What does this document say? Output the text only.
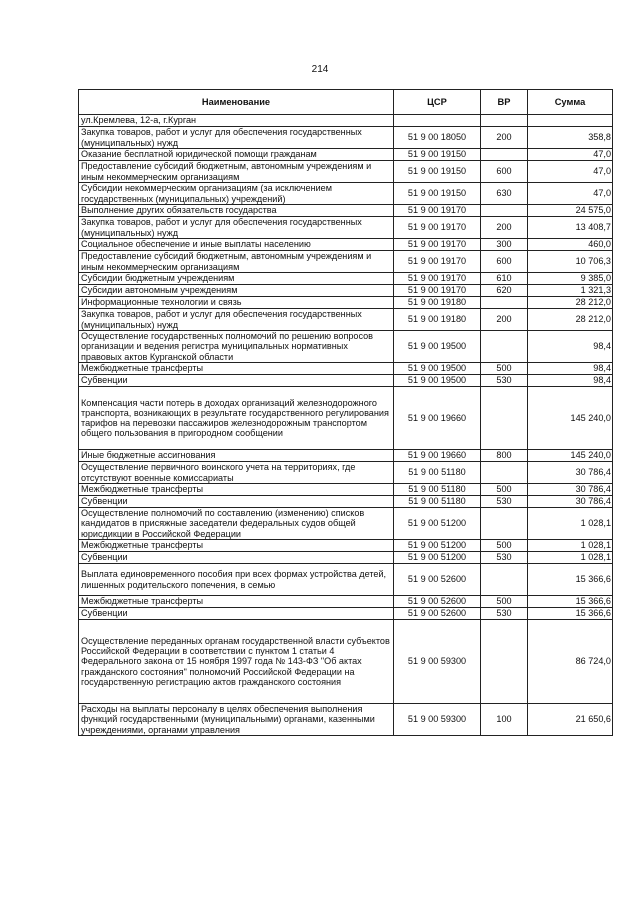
214
Наименование	ЦСР	ВР	Сумма
ул.Кремлева, 12-а, г.Курган			
Закупка товаров, работ и услуг для обеспечения государственных (муниципальных) нужд	51 9 00 18050	200	358,8
Оказание бесплатной юридической помощи гражданам	51 9 00 19150		47,0
Предоставление субсидий бюджетным, автономным учреждениям и иным некоммерческим организациям	51 9 00 19150	600	47,0
Субсидии некоммерческим организациям (за исключением государственных (муниципальных) учреждений)	51 9 00 19150	630	47,0
Выполнение других обязательств государства	51 9 00 19170		24 575,0
Закупка товаров, работ и услуг для обеспечения государственных (муниципальных) нужд	51 9 00 19170	200	13 408,7
Социальное обеспечение и иные выплаты населению	51 9 00 19170	300	460,0
Предоставление субсидий бюджетным, автономным учреждениям и иным некоммерческим организациям	51 9 00 19170	600	10 706,3
Субсидии бюджетным учреждениям	51 9 00 19170	610	9 385,0
Субсидии автономным учреждениям	51 9 00 19170	620	1 321,3
Информационные технологии и связь	51 9 00 19180		28 212,0
Закупка товаров, работ и услуг для обеспечения государственных (муниципальных) нужд	51 9 00 19180	200	28 212,0
Осуществление государственных полномочий по решению вопросов организации и ведения регистра муниципальных нормативных правовых актов Курганской области	51 9 00 19500		98,4
Межбюджетные трансферты	51 9 00 19500	500	98,4
Субвенции	51 9 00 19500	530	98,4
Компенсация части потерь в доходах организаций железнодорожного транспорта, возникающих в результате государственного регулирования тарифов на перевозки пассажиров железнодорожным транспортом общего пользования в пригородном сообщении	51 9 00 19660		145 240,0
Иные бюджетные ассигнования	51 9 00 19660	800	145 240,0
Осуществление первичного воинского учета на территориях, где отсутствуют военные комиссариаты	51 9 00 51180		30 786,4
Межбюджетные трансферты	51 9 00 51180	500	30 786,4
Субвенции	51 9 00 51180	530	30 786,4
Осуществление полномочий по составлению (изменению) списков кандидатов в присяжные заседатели федеральных судов общей юрисдикции в Российской Федерации	51 9 00 51200		1 028,1
Межбюджетные трансферты	51 9 00 51200	500	1 028,1
Субвенции	51 9 00 51200	530	1 028,1
Выплата единовременного пособия при всех формах устройства детей, лишенных родительского попечения, в семью	51 9 00 52600		15 366,6
Межбюджетные трансферты	51 9 00 52600	500	15 366,6
Субвенции	51 9 00 52600	530	15 366,6
Осуществление переданных органам государственной власти субъектов Российской Федерации в соответствии с пунктом 1 статьи 4 Федерального закона от 15 ноября 1997 года № 143-ФЗ "Об актах гражданского состояния" полномочий Российской Федерации на государственную регистрацию актов гражданского состояния	51 9 00 59300		86 724,0
Расходы на выплаты персоналу в целях обеспечения выполнения функций государственными (муниципальными) органами, казенными учреждениями, органами управления	51 9 00 59300	100	21 650,6
